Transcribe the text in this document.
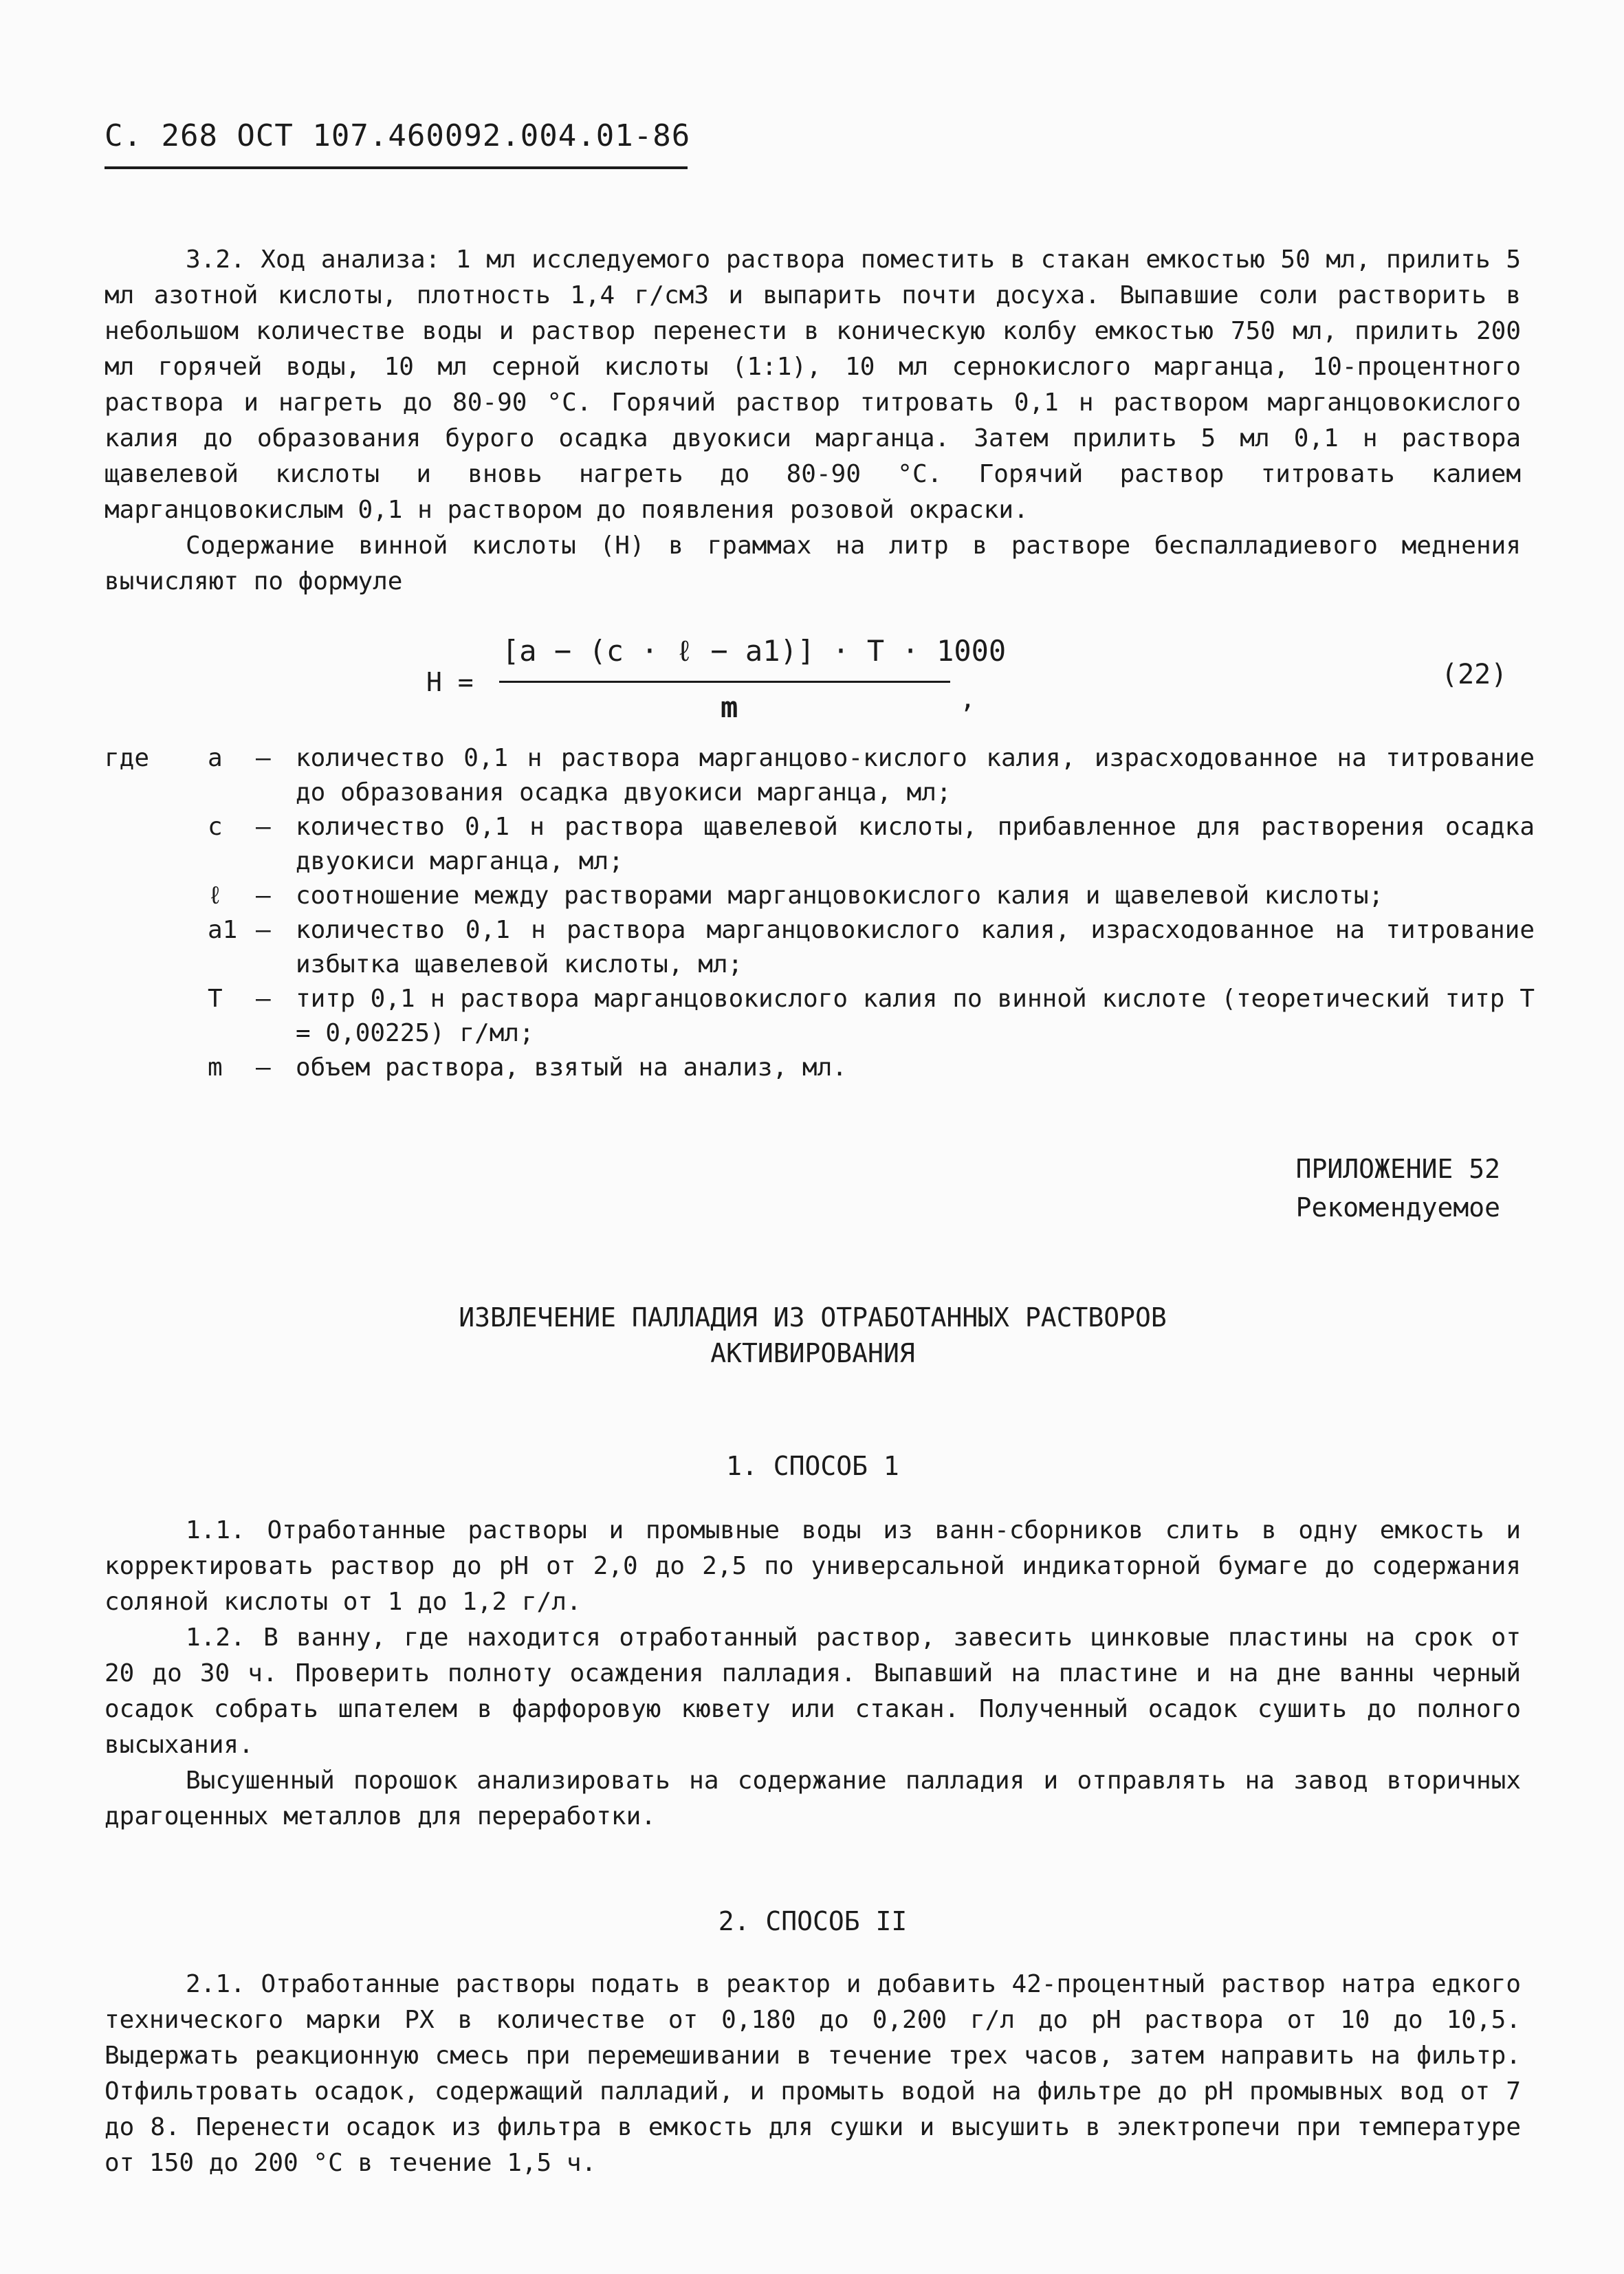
С. 268 ОСТ 107.460092.004.01-86

3.2. Ход анализа: 1 мл исследуемого раствора поместить в стакан емкостью 50 мл, прилить 5 мл азотной кислоты, плотность 1,4 г/см3 и выпарить почти досуха. Выпавшие соли растворить в небольшом количестве воды и раствор перенести в коническую колбу емкостью 750 мл, прилить 200 мл горячей воды, 10 мл серной кислоты (1:1), 10 мл сернокислого марганца, 10-процентного раствора и нагреть до 80-90 °С. Горячий раствор титровать 0,1 н раствором марганцовокислого калия до образования бурого осадка двуокиси марганца. Затем прилить 5 мл 0,1 н раствора щавелевой кислоты и вновь нагреть до 80-90 °С. Горячий раствор титровать калием марганцовокислым 0,1 н раствором до появления розовой окраски.

Содержание винной кислоты (Н) в граммах на литр в растворе беспалладиевого меднения вычисляют по формуле

Н =
[а − (с · ℓ − а1)] · Т · 1000
m	,
(22)
где	а	–	количество 0,1 н раствора марганцово-кислого калия, израсходованное на титрование до образования осадка двуокиси марганца, мл;
с	–	количество 0,1 н раствора щавелевой кислоты, прибавленное для растворения осадка двуокиси марганца, мл;
ℓ	–	соотношение между растворами марганцовокислого калия и щавелевой кислоты;
а1 –	количество 0,1 н раствора марганцовокислого калия, израсходованное на титрование избытка щавелевой кислоты, мл;
Т	–	титр 0,1 н раствора марганцовокислого калия по винной кислоте (теоретический титр Т = 0,00225) г/мл;
m	–	объем раствора, взятый на анализ, мл.
ПРИЛОЖЕНИЕ 52
Рекомендуемое
ИЗВЛЕЧЕНИЕ ПАЛЛАДИЯ ИЗ ОТРАБОТАННЫХ РАСТВОРОВ
АКТИВИРОВАНИЯ
1. СПОСОБ 1

1.1. Отработанные растворы и промывные воды из ванн-сборников слить в одну емкость и корректировать раствор до рН от 2,0 до 2,5 по универсальной индикаторной бумаге до содержания соляной кислоты от 1 до 1,2 г/л.

1.2. В ванну, где находится отработанный раствор, завесить цинковые пластины на срок от 20 до 30 ч. Проверить полноту осаждения палладия. Выпавший на пластине и на дне ванны черный осадок собрать шпателем в фарфоровую кювету или стакан. Полученный осадок сушить до полного высыхания.

Высушенный порошок анализировать на содержание палладия и отправлять на завод вторичных драгоценных металлов для переработки.

2. СПОСОБ II

2.1. Отработанные растворы подать в реактор и добавить 42-процентный раствор натра едкого технического марки РХ в количестве от 0,180 до 0,200 г/л до рН раствора от 10 до 10,5. Выдержать реакционную смесь при перемешивании в течение трех часов, затем направить на фильтр. Отфильтровать осадок, содержащий палладий, и промыть водой на фильтре до рН промывных вод от 7 до 8. Перенести осадок из фильтра в емкость для сушки и высушить в электропечи при температуре от 150 до 200 °С в течение 1,5 ч.
